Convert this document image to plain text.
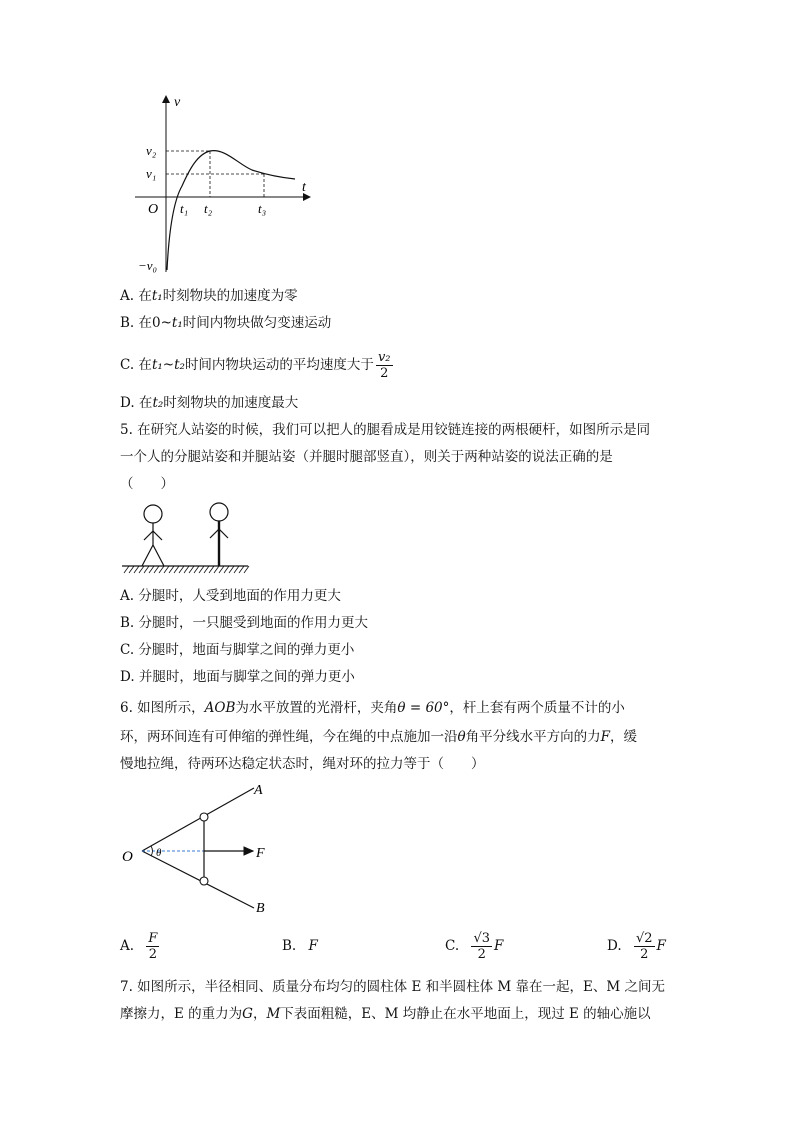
v
t
O
v₂
v₁
−v₀
t₁ t₂	t₃
A. 在t₁时刻物块的加速度为零
B. 在0~t₁时间内物块做匀变速运动
C. 在t₁~t₂时间内物块运动的平均速度大于 $\frac{\text{v₂}}{2}$
D. 在t₂时刻物块的加速度最大
5. 在研究人站姿的时候，我们可以把人的腿看成是用铰链连接的两根硬杆，如图所示是同
一个人的分腿站姿和并腿站姿（并腿时腿部竖直），则关于两种站姿的说法正确的是
（　　）
A. 分腿时，人受到地面的作用力更大
B. 分腿时，一只腿受到地面的作用力更大
C. 分腿时，地面与脚掌之间的弹力更小
D. 并腿时，地面与脚掌之间的弹力更小
6. 如图所示，AOB为水平放置的光滑杆，夹角θ = 60°，杆上套有两个质量不计的小
环，两环间连有可伸缩的弹性绳，今在绳的中点施加一沿θ角平分线水平方向的力F，缓
慢地拉绳，待两环达稳定状态时，绳对环的拉力等于（　　）
A
B
O	F
θ
A. $\frac{F}{2}$	B. F	C. $\frac{√3}{2}$ F	D. $\frac{√2}{2}$ F
7. 如图所示，半径相同、质量分布均匀的圆柱体 E 和半圆柱体 M 靠在一起，E、M 之间无
摩擦力，E 的重力为G，M下表面粗糙，E、M 均静止在水平地面上，现过 E 的轴心施以
